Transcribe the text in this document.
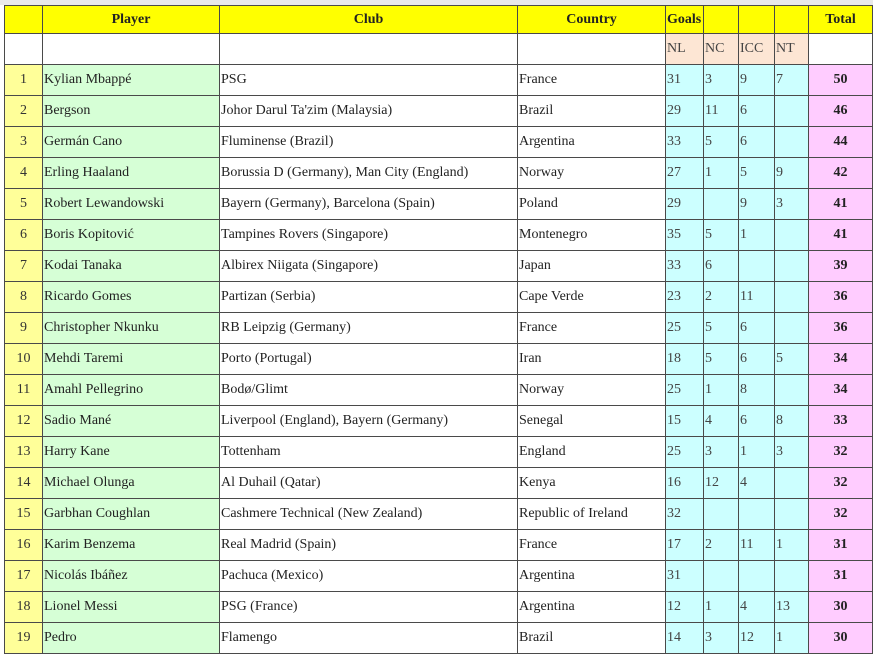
	Player	Club	Country	Goals				Total
				NL	NC	ICC	NT	
1	Kylian Mbappé	PSG	France	31	3	9	7	50
2	Bergson	Johor Darul Ta'zim (Malaysia)	Brazil	29	11	6		46
3	Germán Cano	Fluminense (Brazil)	Argentina	33	5	6		44
4	Erling Haaland	Borussia D (Germany), Man City (England)	Norway	27	1	5	9	42
5	Robert Lewandowski	Bayern (Germany), Barcelona (Spain)	Poland	29		9	3	41
6	Boris Kopitović	Tampines Rovers (Singapore)	Montenegro	35	5	1		41
7	Kodai Tanaka	Albirex Niigata (Singapore)	Japan	33	6			39
8	Ricardo Gomes	Partizan (Serbia)	Cape Verde	23	2	11		36
9	Christopher Nkunku	RB Leipzig (Germany)	France	25	5	6		36
10	Mehdi Taremi	Porto (Portugal)	Iran	18	5	6	5	34
11	Amahl Pellegrino	Bodø/Glimt	Norway	25	1	8		34
12	Sadio Mané	Liverpool (England), Bayern (Germany)	Senegal	15	4	6	8	33
13	Harry Kane	Tottenham	England	25	3	1	3	32
14	Michael Olunga	Al Duhail (Qatar)	Kenya	16	12	4		32
15	Garbhan Coughlan	Cashmere Technical (New Zealand)	Republic of Ireland	32				32
16	Karim Benzema	Real Madrid (Spain)	France	17	2	11	1	31
17	Nicolás Ibáñez	Pachuca (Mexico)	Argentina	31				31
18	Lionel Messi	PSG (France)	Argentina	12	1	4	13	30
19	Pedro	Flamengo	Brazil	14	3	12	1	30
